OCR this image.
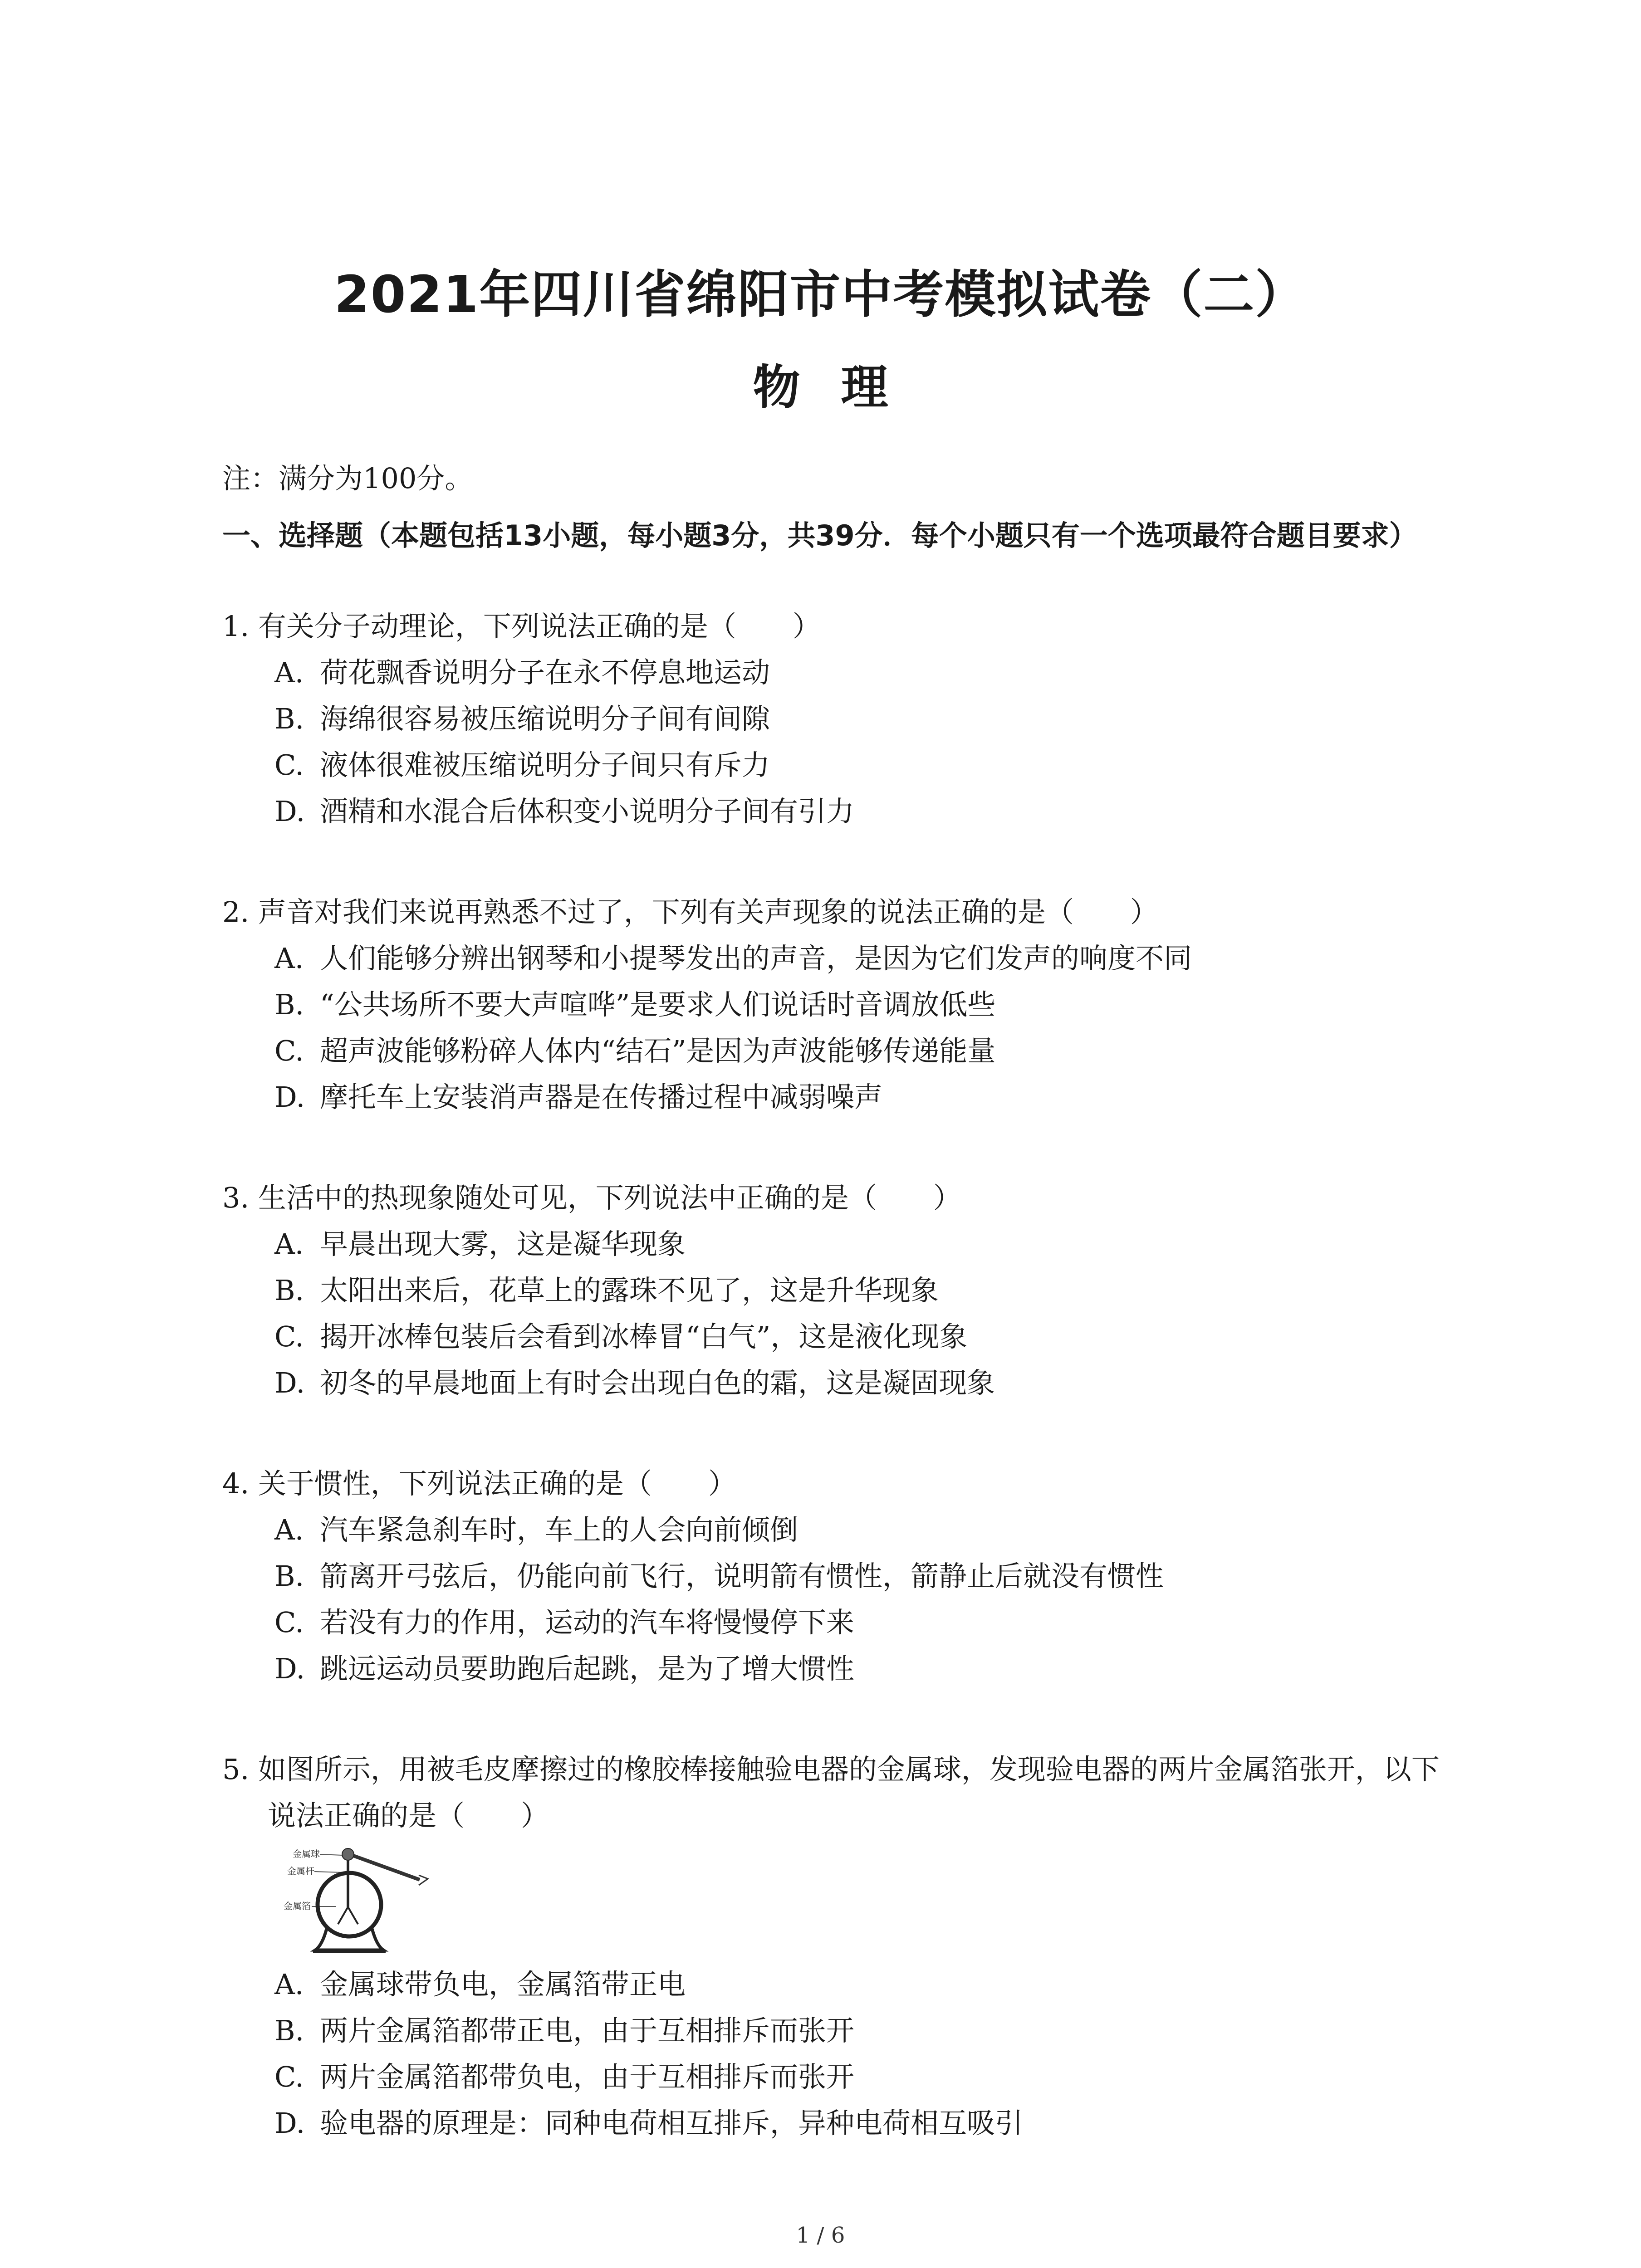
2021年四川省绵阳市中考模拟试卷（二）
物理
注：满分为100分。
一、选择题（本题包括13小题，每小题3分，共39分．每个小题只有一个选项最符合题目要求）
1. 有关分子动理论，下列说法正确的是（　　）
A. 荷花飘香说明分子在永不停息地运动
B. 海绵很容易被压缩说明分子间有间隙
C. 液体很难被压缩说明分子间只有斥力
D. 酒精和水混合后体积变小说明分子间有引力
2. 声音对我们来说再熟悉不过了，下列有关声现象的说法正确的是（　　）
A. 人们能够分辨出钢琴和小提琴发出的声音，是因为它们发声的响度不同
B. “公共场所不要大声喧哗”是要求人们说话时音调放低些
C. 超声波能够粉碎人体内“结石”是因为声波能够传递能量
D. 摩托车上安装消声器是在传播过程中减弱噪声
3. 生活中的热现象随处可见，下列说法中正确的是（　　）
A. 早晨出现大雾，这是凝华现象
B. 太阳出来后，花草上的露珠不见了，这是升华现象
C. 揭开冰棒包装后会看到冰棒冒“白气”，这是液化现象
D. 初冬的早晨地面上有时会出现白色的霜，这是凝固现象
4. 关于惯性，下列说法正确的是（　　）
A. 汽车紧急刹车时，车上的人会向前倾倒
B. 箭离开弓弦后，仍能向前飞行，说明箭有惯性，箭静止后就没有惯性
C. 若没有力的作用，运动的汽车将慢慢停下来
D. 跳远运动员要助跑后起跳，是为了增大惯性
5. 如图所示，用被毛皮摩擦过的橡胶棒接触验电器的金属球，发现验电器的两片金属箔张开，以下说法正确的是（　　）
金属球
金属杆
金属箔
A. 金属球带负电，金属箔带正电
B. 两片金属箔都带正电，由于互相排斥而张开
C. 两片金属箔都带负电，由于互相排斥而张开
D. 验电器的原理是：同种电荷相互排斥，异种电荷相互吸引
1 / 6
